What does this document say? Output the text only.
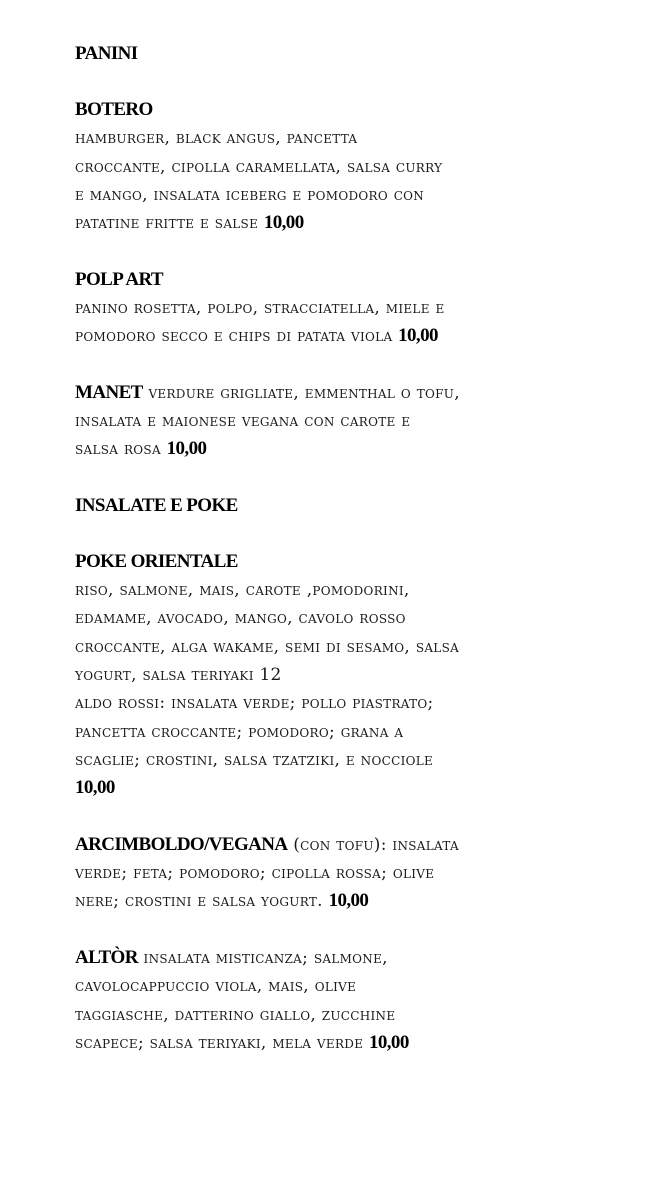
PANINI
BOTERO
hamburger, black angus, pancetta
croccante, cipolla caramellata, salsa curry
e mango, insalata iceberg e pomodoro con
patatine fritte e salse 10,00
POLP ART
panino rosetta, polpo, stracciatella, miele e
pomodoro secco e chips di patata viola 10,00
MANET verdure grigliate, emmenthal o tofu,
insalata e maionese vegana con carote e
salsa rosa 10,00
INSALATE E POKE
POKE ORIENTALE
riso, salmone, mais, carote ,pomodorini,
edamame, avocado, mango, cavolo rosso
croccante, alga wakame, semi di sesamo, salsa
yogurt, salsa teriyaki 12
aldo rossi: insalata verde; pollo piastrato;
pancetta croccante; pomodoro; grana a
scaglie; crostini, salsa tzatziki, e nocciole
10,00
ARCIMBOLDO/VEGANA (con tofu): insalata
verde; feta; pomodoro; cipolla rossa; olive
nere; crostini e salsa yogurt. 10,00
ALTÒR insalata misticanza; salmone,
cavolocappuccio viola, mais, olive
taggiasche, datterino giallo, zucchine
scapece; salsa teriyaki, mela verde 10,00
